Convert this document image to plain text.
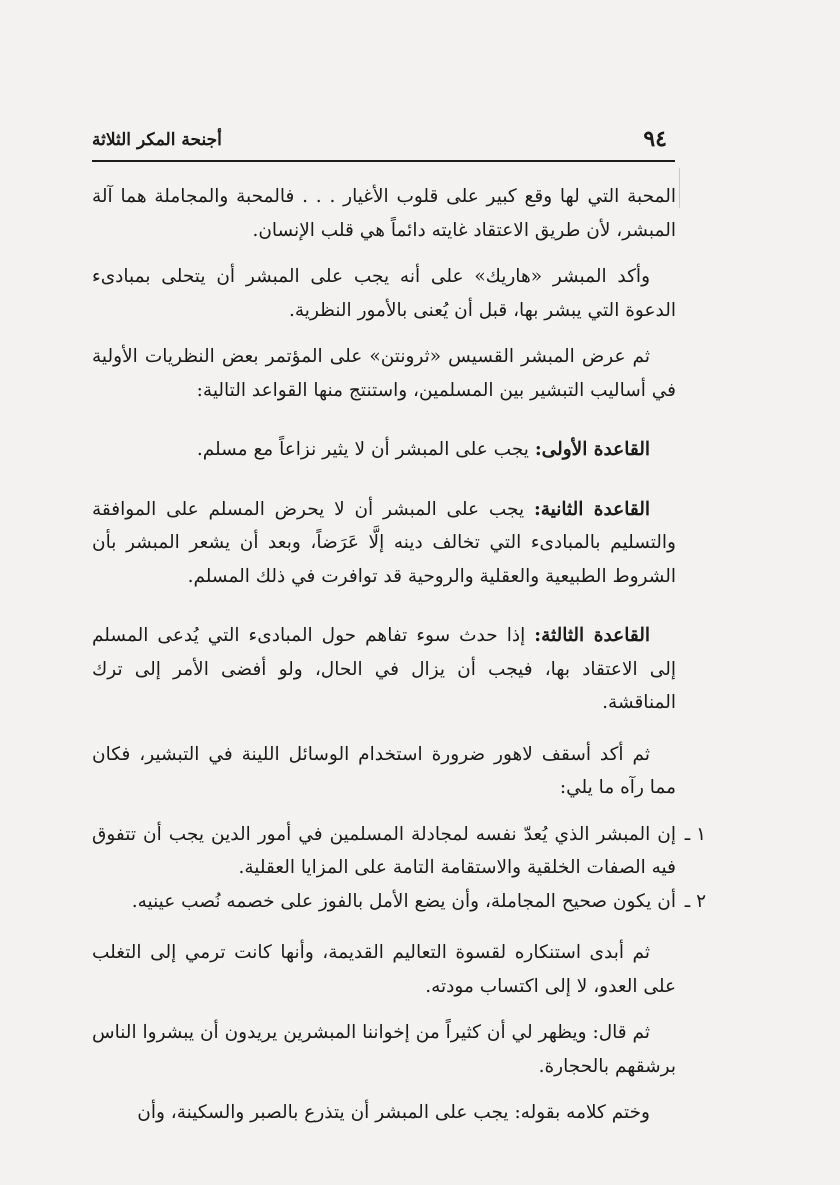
أجنحة المكر الثلاثة	٩٤

المحبة التي لها وقع كبير على قلوب الأغيار . . . فالمحبة والمجاملة هما آلة المبشر، لأن طريق الاعتقاد غايته دائماً هي قلب الإنسان.

وأكد المبشر «هاريك» على أنه يجب على المبشر أن يتحلى بمبادىء الدعوة التي يبشر بها، قبل أن يُعنى بالأمور النظرية.

ثم عرض المبشر القسيس «ثرونتن» على المؤتمر بعض النظريات الأولية في أساليب التبشير بين المسلمين، واستنتج منها القواعد التالية:

القاعدة الأولى: يجب على المبشر أن لا يثير نزاعاً مع مسلم.

القاعدة الثانية: يجب على المبشر أن لا يحرض المسلم على الموافقة والتسليم بالمبادىء التي تخالف دينه إلَّا عَرَضاً، وبعد أن يشعر المبشر بأن الشروط الطبيعية والعقلية والروحية قد توافرت في ذلك المسلم.

القاعدة الثالثة: إذا حدث سوء تفاهم حول المبادىء التي يُدعى المسلم إلى الاعتقاد بها، فيجب أن يزال في الحال، ولو أفضى الأمر إلى ترك المناقشة.

ثم أكد أسقف لاهور ضرورة استخدام الوسائل اللينة في التبشير، فكان مما رآه ما يلي:

١ ـإن المبشر الذي يُعدّ نفسه لمجادلة المسلمين في أمور الدين يجب أن تتفوق فيه الصفات الخلقية والاستقامة التامة على المزايا العقلية.

٢ ـأن يكون صحيح المجاملة، وأن يضع الأمل بالفوز على خصمه نُصب عينيه.

ثم أبدى استنكاره لقسوة التعاليم القديمة، وأنها كانت ترمي إلى التغلب على العدو، لا إلى اكتساب مودته.

ثم قال: ويظهر لي أن كثيراً من إخواننا المبشرين يريدون أن يبشروا الناس برشقهم بالحجارة.

وختم كلامه بقوله: يجب على المبشر أن يتذرع بالصبر والسكينة، وأن
